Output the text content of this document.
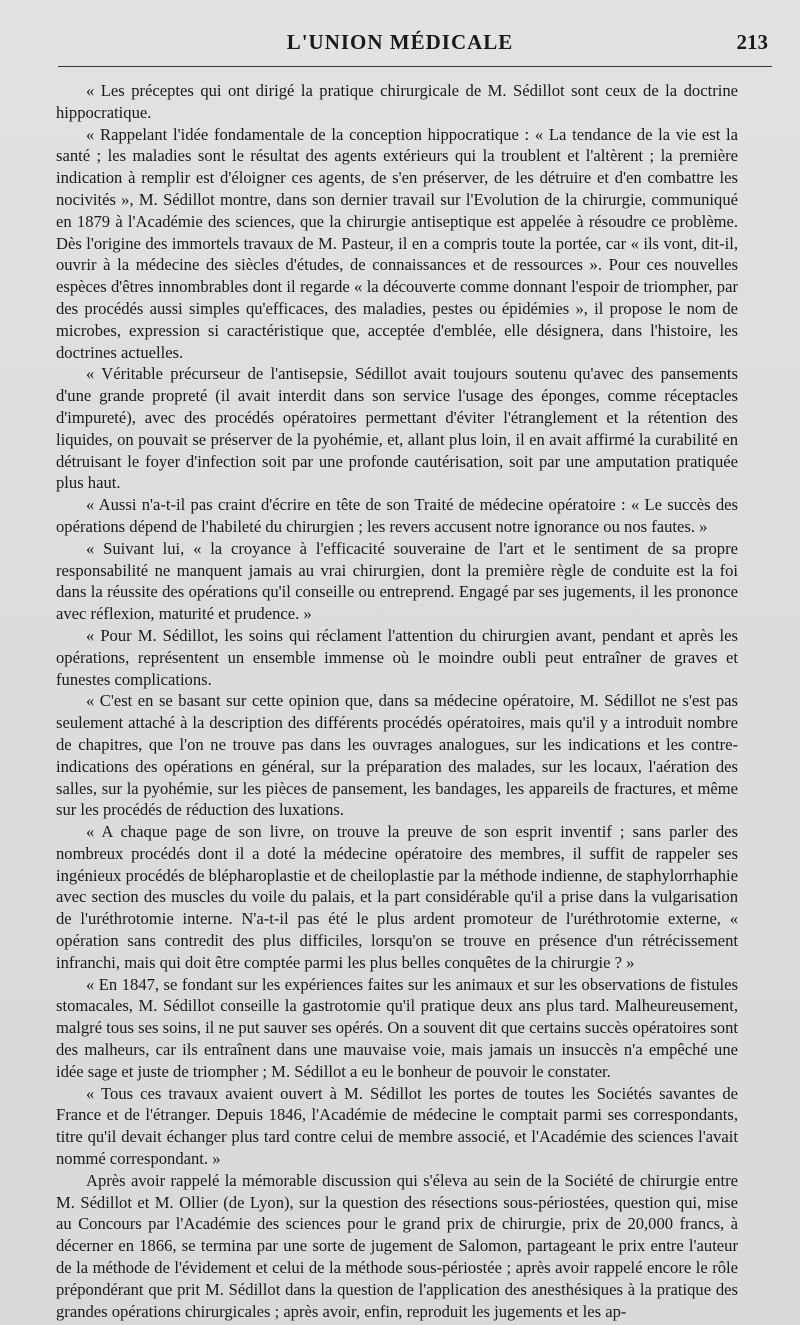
L'UNION MÉDICALE	213

« Les préceptes qui ont dirigé la pratique chirurgicale de M. Sédillot sont ceux de la doctrine hippocratique.

« Rappelant l'idée fondamentale de la conception hippocratique : « La tendance de la vie est la santé ; les maladies sont le résultat des agents extérieurs qui la troublent et l'altèrent ; la première indication à remplir est d'éloigner ces agents, de s'en préserver, de les détruire et d'en combattre les nocivités », M. Sédillot montre, dans son dernier travail sur l'Evolution de la chirurgie, communiqué en 1879 à l'Académie des sciences, que la chirurgie antiseptique est appelée à résoudre ce problème. Dès l'origine des immortels travaux de M. Pasteur, il en a compris toute la portée, car « ils vont, dit-il, ouvrir à la médecine des siècles d'études, de connaissances et de ressources ». Pour ces nouvelles espèces d'êtres innombrables dont il regarde « la découverte comme donnant l'espoir de triompher, par des procédés aussi simples qu'efficaces, des maladies, pestes ou épidémies », il propose le nom de microbes, expression si caractéristique que, acceptée d'emblée, elle désignera, dans l'histoire, les doctrines actuelles.

« Véritable précurseur de l'antisepsie, Sédillot avait toujours soutenu qu'avec des pansements d'une grande propreté (il avait interdit dans son service l'usage des éponges, comme réceptacles d'impureté), avec des procédés opératoires permettant d'éviter l'étranglement et la rétention des liquides, on pouvait se préserver de la pyohémie, et, allant plus loin, il en avait affirmé la curabilité en détruisant le foyer d'infection soit par une profonde cautérisation, soit par une amputation pratiquée plus haut.

« Aussi n'a-t-il pas craint d'écrire en tête de son Traité de médecine opératoire : « Le succès des opérations dépend de l'habileté du chirurgien ; les revers accusent notre ignorance ou nos fautes. »

« Suivant lui, « la croyance à l'efficacité souveraine de l'art et le sentiment de sa propre responsabilité ne manquent jamais au vrai chirurgien, dont la première règle de conduite est la foi dans la réussite des opérations qu'il conseille ou entreprend. Engagé par ses jugements, il les prononce avec réflexion, maturité et prudence. »

« Pour M. Sédillot, les soins qui réclament l'attention du chirurgien avant, pendant et après les opérations, représentent un ensemble immense où le moindre oubli peut entraîner de graves et funestes complications.

« C'est en se basant sur cette opinion que, dans sa médecine opératoire, M. Sédillot ne s'est pas seulement attaché à la description des différents procédés opératoires, mais qu'il y a introduit nombre de chapitres, que l'on ne trouve pas dans les ouvrages analogues, sur les indications et les contre-indications des opérations en général, sur la préparation des malades, sur les locaux, l'aération des salles, sur la pyohémie, sur les pièces de pansement, les bandages, les appareils de fractures, et même sur les procédés de réduction des luxations.

« A chaque page de son livre, on trouve la preuve de son esprit inventif ; sans parler des nombreux procédés dont il a doté la médecine opératoire des membres, il suffit de rappeler ses ingénieux procédés de blépharoplastie et de cheiloplastie par la méthode indienne, de staphylorrhaphie avec section des muscles du voile du palais, et la part considérable qu'il a prise dans la vulgarisation de l'uréthrotomie interne. N'a-t-il pas été le plus ardent promoteur de l'uréthrotomie externe, « opération sans contredit des plus difficiles, lorsqu'on se trouve en présence d'un rétrécissement infranchi, mais qui doit être comptée parmi les plus belles conquêtes de la chirurgie ? »

« En 1847, se fondant sur les expériences faites sur les animaux et sur les observations de fistules stomacales, M. Sédillot conseille la gastrotomie qu'il pratique deux ans plus tard. Malheureusement, malgré tous ses soins, il ne put sauver ses opérés. On a souvent dit que certains succès opératoires sont des malheurs, car ils entraînent dans une mauvaise voie, mais jamais un insuccès n'a empêché une idée sage et juste de triompher ; M. Sédillot a eu le bonheur de pouvoir le constater.

« Tous ces travaux avaient ouvert à M. Sédillot les portes de toutes les Sociétés savantes de France et de l'étranger. Depuis 1846, l'Académie de médecine le comptait parmi ses correspondants, titre qu'il devait échanger plus tard contre celui de membre associé, et l'Académie des sciences l'avait nommé correspondant. »

Après avoir rappelé la mémorable discussion qui s'éleva au sein de la Société de chirurgie entre M. Sédillot et M. Ollier (de Lyon), sur la question des résections sous-périostées, question qui, mise au Concours par l'Académie des sciences pour le grand prix de chirurgie, prix de 20,000 francs, à décerner en 1866, se termina par une sorte de jugement de Salomon, partageant le prix entre l'auteur de la méthode de l'évidement et celui de la méthode sous-périostée ; après avoir rappelé encore le rôle prépondérant que prit M. Sédillot dans la question de l'application des anesthésiques à la pratique des grandes opérations chirurgicales ; après avoir, enfin, reproduit les jugements et les ap-
